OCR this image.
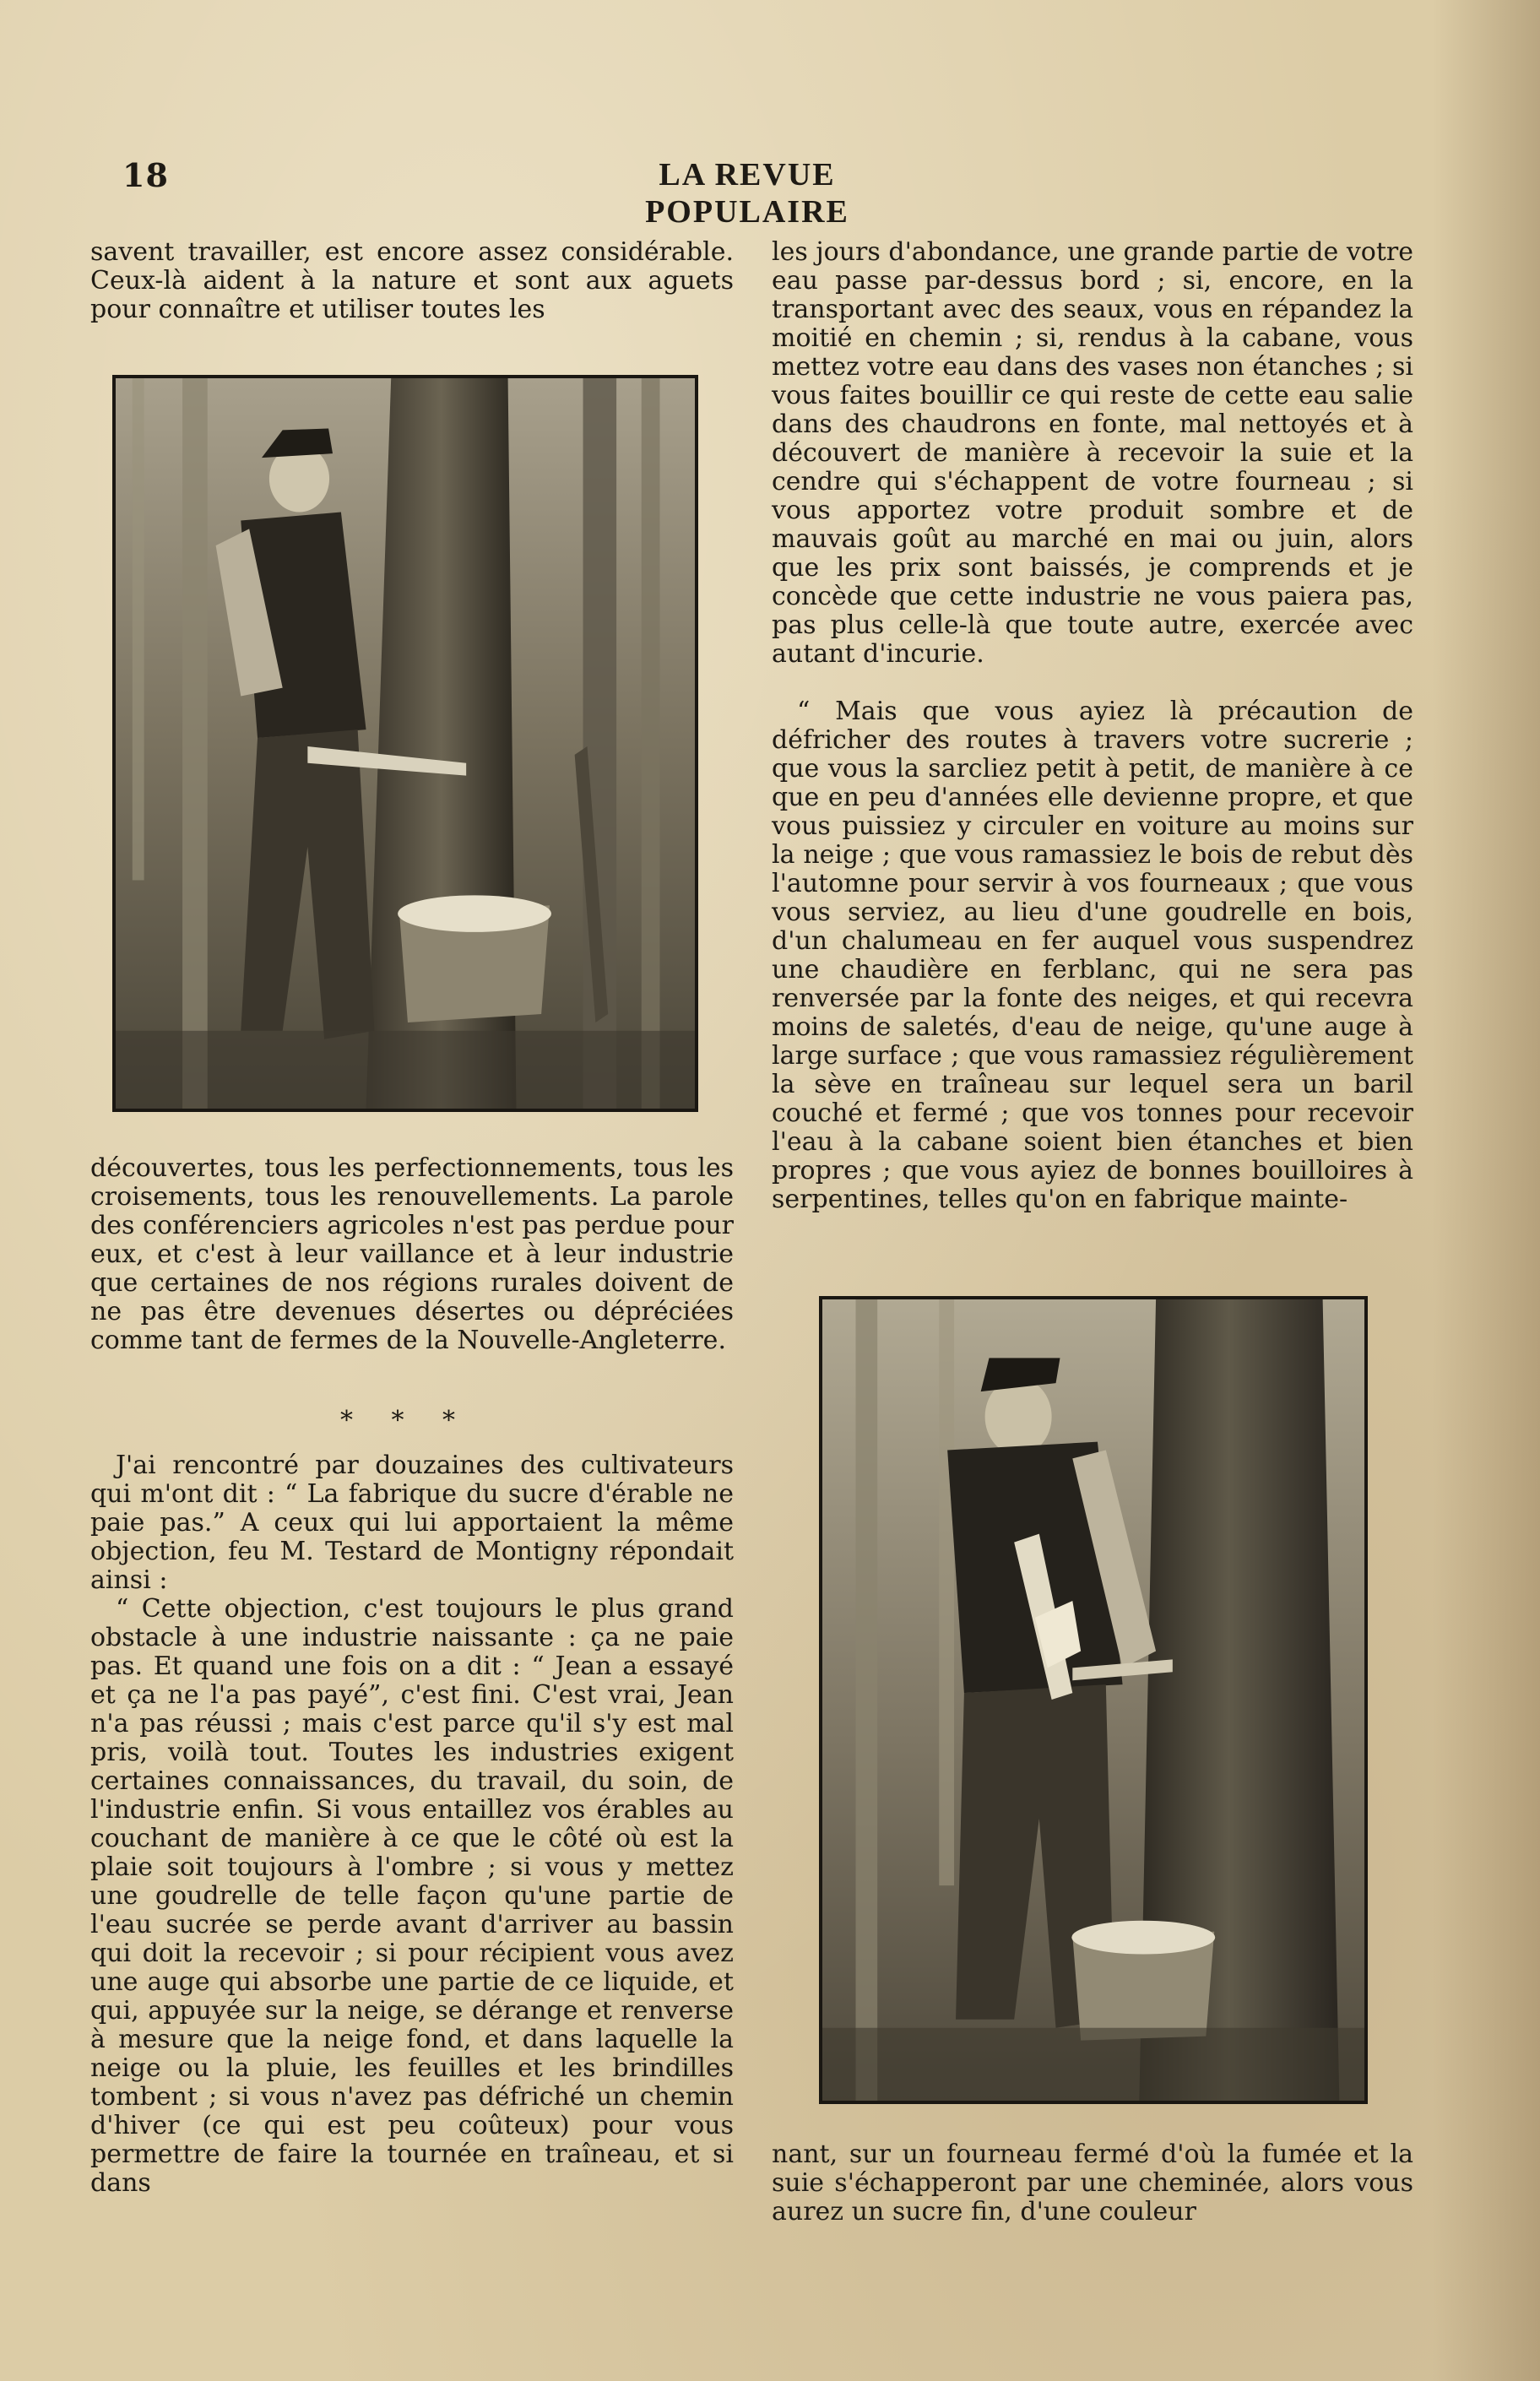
18	LA REVUE POPULAIRE

savent travailler, est encore assez considérable. Ceux-là aident à la nature et sont aux aguets pour connaître et utiliser toutes les

découvertes, tous les perfectionnements, tous les croisements, tous les renouvellements. La parole des conférenciers agricoles n'est pas perdue pour eux, et c'est à leur vaillance et à leur industrie que certaines de nos régions rurales doivent de ne pas être devenues désertes ou dépréciées comme tant de fermes de la Nouvelle-Angleterre.

* * *

J'ai rencontré par douzaines des cultivateurs qui m'ont dit : “ La fabrique du sucre d'érable ne paie pas.” A ceux qui lui apportaient la même objection, feu M. Testard de Montigny répondait ainsi :

“ Cette objection, c'est toujours le plus grand obstacle à une industrie naissante : ça ne paie pas. Et quand une fois on a dit : “ Jean a essayé et ça ne l'a pas payé”, c'est fini. C'est vrai, Jean n'a pas réussi ; mais c'est parce qu'il s'y est mal pris, voilà tout. Toutes les industries exigent certaines connaissances, du travail, du soin, de l'industrie enfin. Si vous entaillez vos érables au couchant de manière à ce que le côté où est la plaie soit toujours à l'ombre ; si vous y mettez une goudrelle de telle façon qu'une partie de l'eau sucrée se perde avant d'arriver au bassin qui doit la recevoir ; si pour récipient vous avez une auge qui absorbe une partie de ce liquide, et qui, appuyée sur la neige, se dérange et renverse à mesure que la neige fond, et dans laquelle la neige ou la pluie, les feuilles et les brindilles tombent ; si vous n'avez pas défriché un chemin d'hiver (ce qui est peu coûteux) pour vous permettre de faire la tournée en traîneau, et si dans

les jours d'abondance, une grande partie de votre eau passe par-dessus bord ; si, encore, en la transportant avec des seaux, vous en répandez la moitié en chemin ; si, rendus à la cabane, vous mettez votre eau dans des vases non étanches ; si vous faites bouillir ce qui reste de cette eau salie dans des chaudrons en fonte, mal nettoyés et à découvert de manière à recevoir la suie et la cendre qui s'échappent de votre fourneau ; si vous apportez votre produit sombre et de mauvais goût au marché en mai ou juin, alors que les prix sont baissés, je comprends et je concède que cette industrie ne vous paiera pas, pas plus celle-là que toute autre, exercée avec autant d'incurie.

“ Mais que vous ayiez là précaution de défricher des routes à travers votre sucrerie ; que vous la sarcliez petit à petit, de manière à ce que en peu d'années elle devienne propre, et que vous puissiez y circuler en voiture au moins sur la neige ; que vous ramassiez le bois de rebut dès l'automne pour servir à vos fourneaux ; que vous vous serviez, au lieu d'une goudrelle en bois, d'un chalumeau en fer auquel vous suspendrez une chaudière en ferblanc, qui ne sera pas renversée par la fonte des neiges, et qui recevra moins de saletés, d'eau de neige, qu'une auge à large surface ; que vous ramassiez régulièrement la sève en traîneau sur lequel sera un baril couché et fermé ; que vos tonnes pour recevoir l'eau à la cabane soient bien étanches et bien propres ; que vous ayiez de bonnes bouilloires à serpentines, telles qu'on en fabrique mainte-

nant, sur un fourneau fermé d'où la fumée et la suie s'échapperont par une cheminée, alors vous aurez un sucre fin, d'une couleur
